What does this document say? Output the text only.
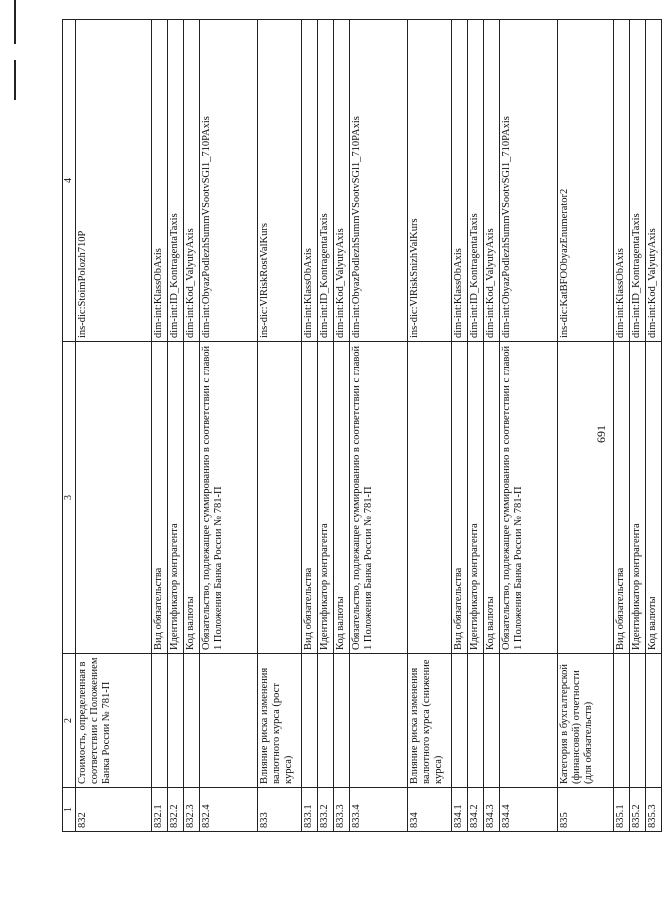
691
1	2	3	4
832	Стоимость, определенная в соответствии с Положением Банка России № 781-П		ins-dic:StoimPolozh710P
832.1		Вид обязательства	dim-int:KlassObAxis
832.2		Идентификатор контрагента	dim-int:ID_KontragentaTaxis
832.3		Код валюты	dim-int:Kod_ValyutyAxis
832.4		Обязательство, подлежащее суммированию в соответствии с главой 1 Положения Банка России № 781-П	dim-int:ObyazPodlezhSummVSootvSGl1_710PAxis
833	Влияние риска изменения валютного курса (рост курса)		ins-dic:VlRiskRostValKurs
833.1		Вид обязательства	dim-int:KlassObAxis
833.2		Идентификатор контрагента	dim-int:ID_KontragentaTaxis
833.3		Код валюты	dim-int:Kod_ValyutyAxis
833.4		Обязательство, подлежащее суммированию в соответствии с главой 1 Положения Банка России № 781-П	dim-int:ObyazPodlezhSummVSootvSGl1_710PAxis
834	Влияние риска изменения валютного курса (снижение курса)		ins-dic:VlRiskSnizhValKurs
834.1		Вид обязательства	dim-int:KlassObAxis
834.2		Идентификатор контрагента	dim-int:ID_KontragentaTaxis
834.3		Код валюты	dim-int:Kod_ValyutyAxis
834.4		Обязательство, подлежащее суммированию в соответствии с главой 1 Положения Банка России № 781-П	dim-int:ObyazPodlezhSummVSootvSGl1_710PAxis
835	Категория в бухгалтерской (финансовой) отчетности (для обязательств)		ins-dic:KatBFOObyazEnumerator2
835.1		Вид обязательства	dim-int:KlassObAxis
835.2		Идентификатор контрагента	dim-int:ID_KontragentaTaxis
835.3		Код валюты	dim-int:Kod_ValyutyAxis
